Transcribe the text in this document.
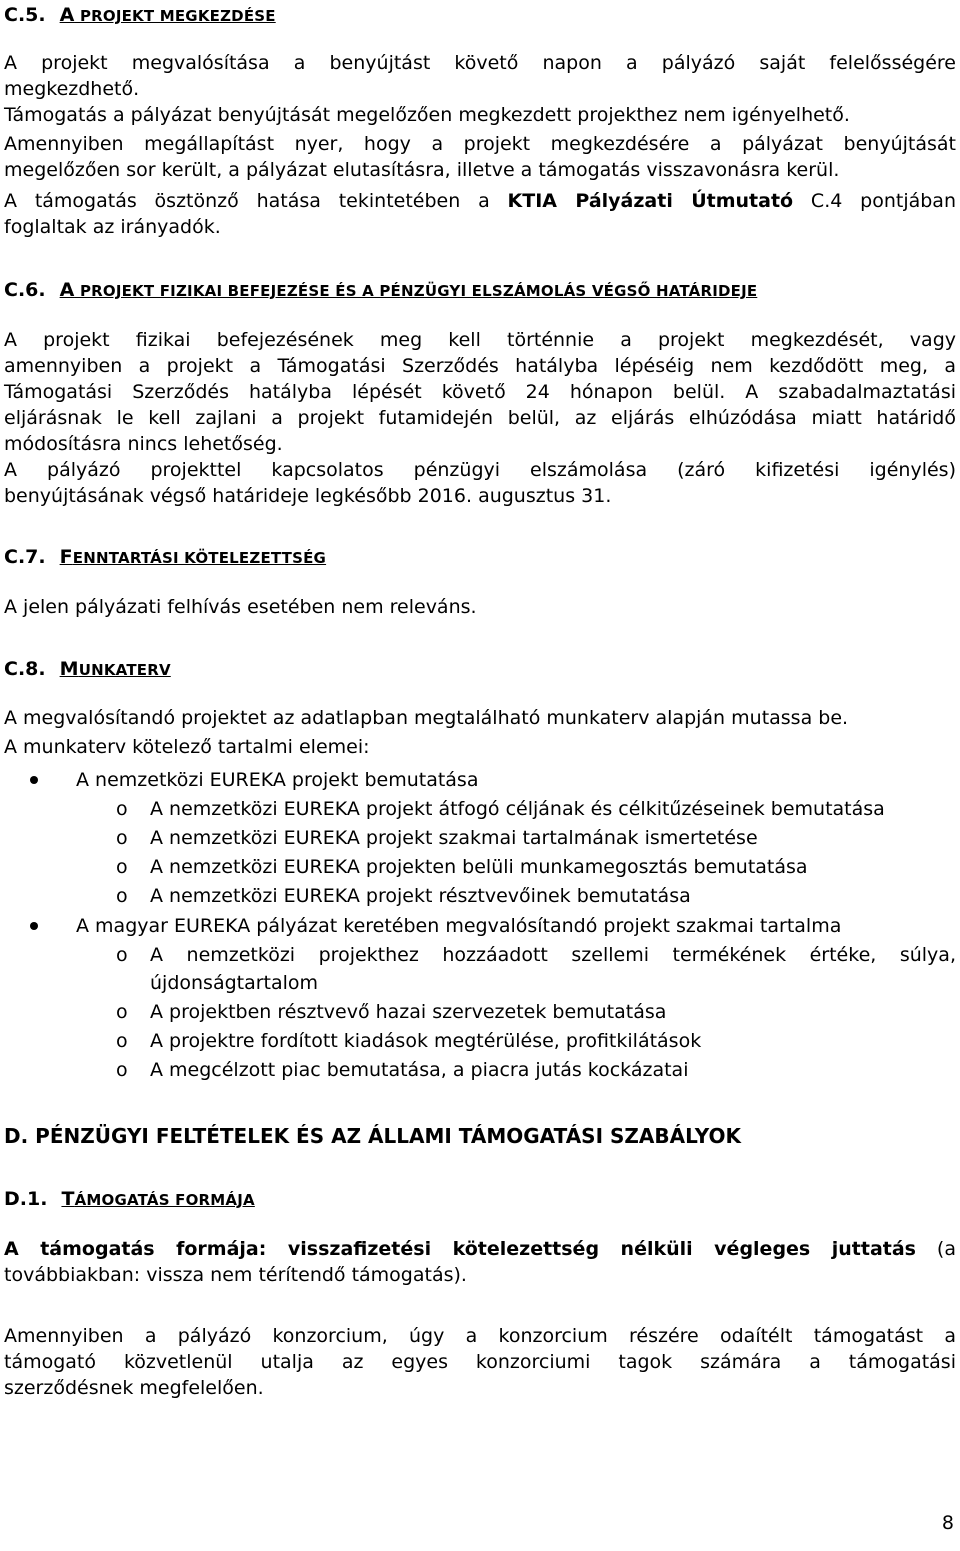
C.5. A PROJEKT MEGKEZDÉSE
A projekt megvalósítása a benyújtást követő napon a pályázó saját felelősségére
megkezdhető.
Támogatás a pályázat benyújtását megelőzően megkezdett projekthez nem igényelhető.
Amennyiben megállapítást nyer, hogy a projekt megkezdésére a pályázat benyújtását
megelőzően sor került, a pályázat elutasításra, illetve a támogatás visszavonásra kerül.
A támogatás ösztönző hatása tekintetében a KTIA Pályázati Útmutató C.4 pontjában
foglaltak az irányadók.
C.6. A PROJEKT FIZIKAI BEFEJEZÉSE ÉS A PÉNZÜGYI ELSZÁMOLÁS VÉGSŐ HATÁRIDEJE
A projekt fizikai befejezésének meg kell történnie a projekt megkezdését, vagy
amennyiben a projekt a Támogatási Szerződés hatályba lépéséig nem kezdődött meg, a
Támogatási Szerződés hatályba lépését követő 24 hónapon belül. A szabadalmaztatási
eljárásnak le kell zajlani a projekt futamidején belül, az eljárás elhúzódása miatt határidő
módosításra nincs lehetőség.
A pályázó projekttel kapcsolatos pénzügyi elszámolása (záró kifizetési igénylés)
benyújtásának végső határideje legkésőbb 2016. augusztus 31.
C.7. FENNTARTÁSI KÖTELEZETTSÉG
A jelen pályázati felhívás esetében nem releváns.
C.8. MUNKATERV
A megvalósítandó projektet az adatlapban megtalálható munkaterv alapján mutassa be.
A munkaterv kötelező tartalmi elemei:
A nemzetközi EUREKA projekt bemutatása
o A nemzetközi EUREKA projekt átfogó céljának és célkitűzéseinek bemutatása
o A nemzetközi EUREKA projekt szakmai tartalmának ismertetése
o A nemzetközi EUREKA projekten belüli munkamegosztás bemutatása
o A nemzetközi EUREKA projekt résztvevőinek bemutatása
A magyar EUREKA pályázat keretében megvalósítandó projekt szakmai tartalma
o A nemzetközi projekthez hozzáadott szellemi termékének értéke, súlya,
újdonságtartalom
o A projektben résztvevő hazai szervezetek bemutatása
o A projektre fordított kiadások megtérülése, profitkilátások
o A megcélzott piac bemutatása, a piacra jutás kockázatai
D. PÉNZÜGYI FELTÉTELEK ÉS AZ ÁLLAMI TÁMOGATÁSI SZABÁLYOK
D.1. TÁMOGATÁS FORMÁJA
A támogatás formája: visszafizetési kötelezettség nélküli végleges juttatás (a
továbbiakban: vissza nem térítendő támogatás).
Amennyiben a pályázó konzorcium, úgy a konzorcium részére odaítélt támogatást a
támogató közvetlenül utalja az egyes konzorciumi tagok számára a támogatási
szerződésnek megfelelően.
8
